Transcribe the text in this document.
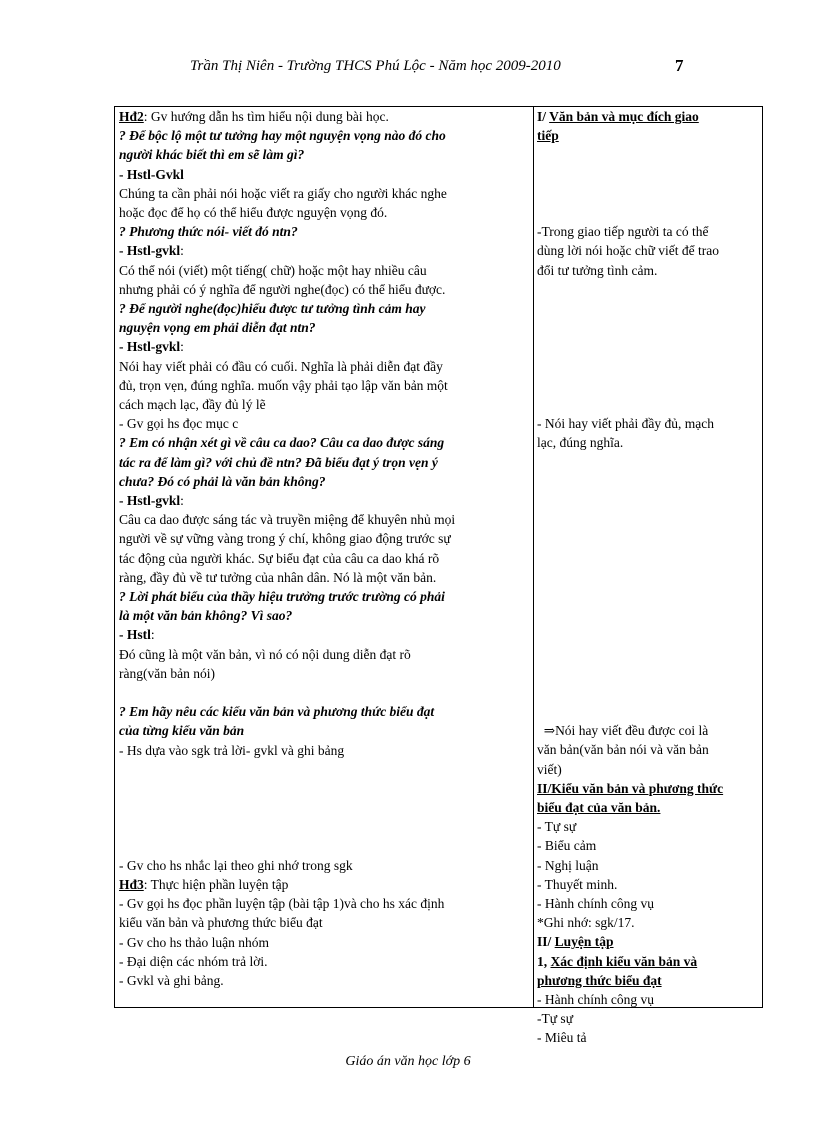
Trần Thị Niên - Trường THCS Phú Lộc - Năm học 2009-2010	7
Hđ2: Gv hướng dẫn hs tìm hiểu nội dung bài học.
? Để bộc lộ một tư tưởng hay một nguyện vọng nào đó cho
người khác biết thì em sẽ làm gì?
- Hstl-Gvkl
Chúng ta cần phải nói hoặc viết ra giấy cho người khác nghe
hoặc đọc để họ có thể hiểu được nguyện vọng đó.
? Phương thức nói- viết đó ntn?
- Hstl-gvkl:
Có thể nói (viết) một tiếng( chữ) hoặc một hay nhiều câu
nhưng phải có ý nghĩa để người nghe(đọc) có thể hiểu được.
? Để người nghe(đọc)hiểu được tư tưởng tình cảm hay
nguyện vọng em phải diễn đạt ntn?
- Hstl-gvkl:
Nói hay viết phải có đầu có cuối. Nghĩa là phải diễn đạt đầy
đủ, trọn vẹn, đúng nghĩa. muốn vậy phải tạo lập văn bản một
cách mạch lạc, đầy đủ lý lẽ
- Gv gọi hs đọc mục c
? Em có nhận xét gì về câu ca dao? Câu ca dao được sáng
tác ra để làm gì? với chủ đề ntn? Đã biểu đạt ý trọn vẹn ý
chưa? Đó có phải là văn bản không?
- Hstl-gvkl:
Câu ca dao được sáng tác và truyền miệng để khuyên nhủ mọi
người về sự vững vàng trong ý chí, không giao động trước sự
tác động của người khác. Sự biểu đạt của câu ca dao khá rõ
ràng, đầy đủ về tư tưởng của nhân dân. Nó là một văn bản.
? Lời phát biểu của thầy hiệu trưởng trước trường có phải
là một văn bản không? Vì sao?
- Hstl:
Đó cũng là một văn bản, vì nó có nội dung diễn đạt rõ
ràng(văn bản nói)
? Em hãy nêu các kiểu văn bản và phương thức biểu đạt
của từng kiểu văn bản
- Hs dựa vào sgk trả lời- gvkl và ghi bảng
- Gv cho hs nhắc lại theo ghi nhớ trong sgk
Hđ3: Thực hiện phần luyện tập
- Gv gọi hs đọc phần luyện tập (bài tập 1)và cho hs xác định
kiểu văn bản và phương thức biểu đạt
- Gv cho hs thảo luận nhóm
- Đại diện các nhóm trả lời.
- Gvkl và ghi bảng.
I/ Văn bản và mục đích giao
tiếp
-Trong giao tiếp người ta có thể
dùng lời nói hoặc chữ viết để trao
đổi tư tưởng tình cảm.
- Nói hay viết phải đầy đủ, mạch
lạc, đúng nghĩa.
⇒Nói hay viết đều được coi là
văn bản(văn bản nói và văn bản
viết)
II/Kiểu văn bản và phương thức
biểu đạt của văn bản.
- Tự sự
- Biểu cảm
- Nghị luận
- Thuyết minh.
- Hành chính công vụ
*Ghi nhớ: sgk/17.
II/ Luyện tập
1, Xác định kiểu văn bản và
phương thức biểu đạt
- Hành chính công vụ
-Tự sự
- Miêu tả
Giáo án văn học lớp 6
